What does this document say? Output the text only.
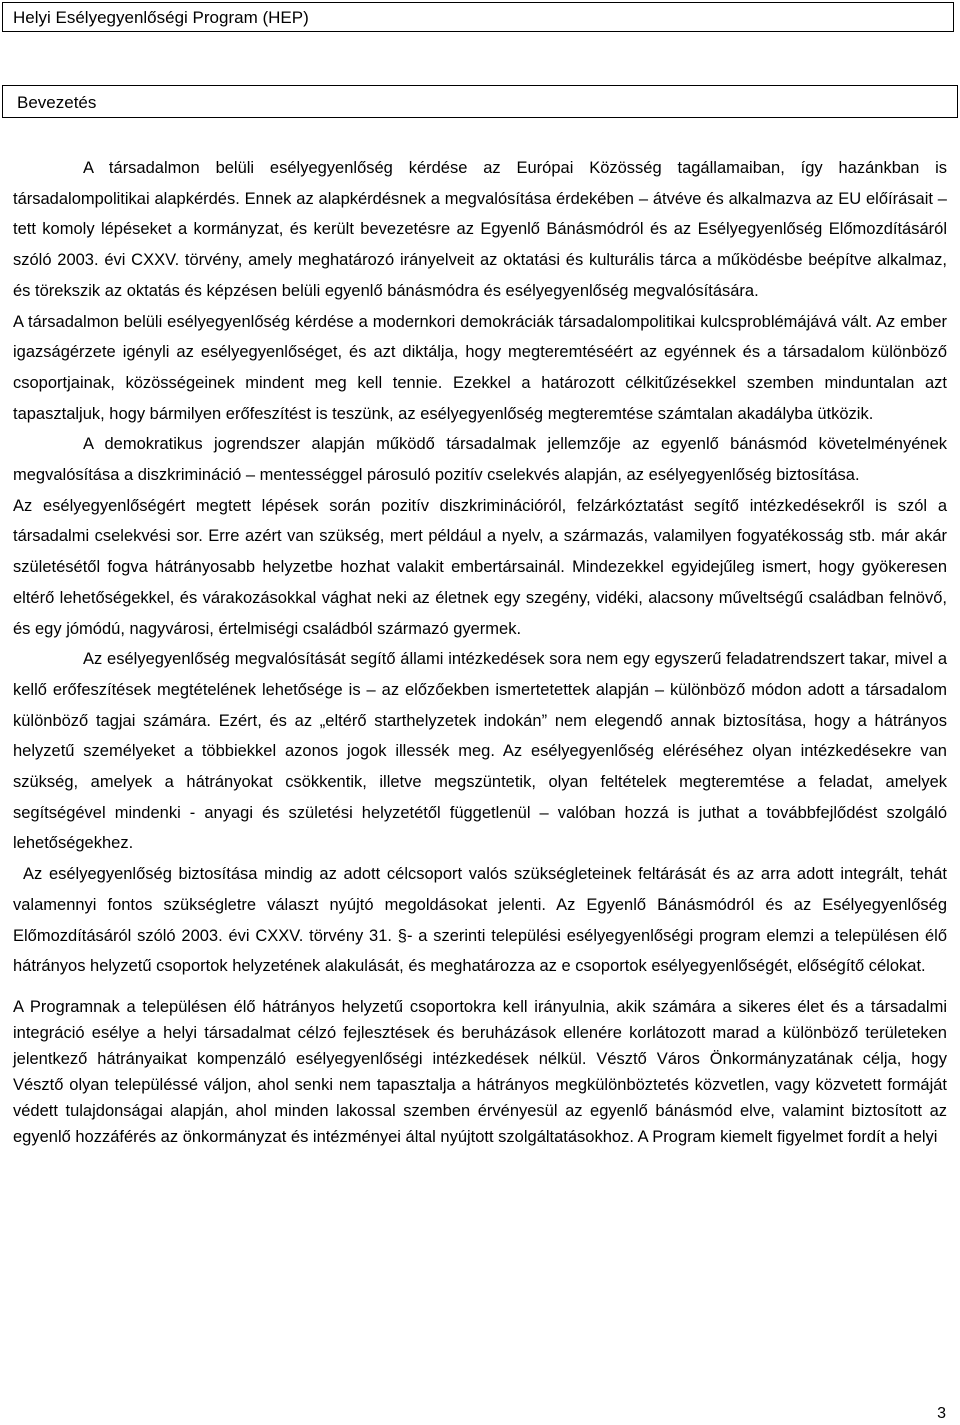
Helyi Esélyegyenlőségi Program (HEP)
Bevezetés

A társadalmon belüli esélyegyenlőség kérdése az Európai Közösség tagállamaiban, így hazánkban is társadalompolitikai alapkérdés. Ennek az alapkérdésnek a megvalósítása érdekében – átvéve és alkalmazva az EU előírásait – tett komoly lépéseket a kormányzat, és került bevezetésre az Egyenlő Bánásmódról és az Esélyegyenlőség Előmozdításáról szóló 2003. évi CXXV. törvény, amely meghatározó irányelveit az oktatási és kulturális tárca a működésbe beépítve alkalmaz, és törekszik az oktatás és képzésen belüli egyenlő bánásmódra és esélyegyenlőség megvalósítására.

A társadalmon belüli esélyegyenlőség kérdése a modernkori demokráciák társadalompolitikai kulcsproblémájává vált. Az ember igazságérzete igényli az esélyegyenlőséget, és azt diktálja, hogy megteremtéséért az egyénnek és a társadalom különböző csoportjainak, közösségeinek mindent meg kell tennie. Ezekkel a határozott célkitűzésekkel szemben minduntalan azt tapasztaljuk, hogy bármilyen erőfeszítést is teszünk, az esélyegyenlőség megteremtése számtalan akadályba ütközik.

A demokratikus jogrendszer alapján működő társadalmak jellemzője az egyenlő bánásmód követelményének megvalósítása a diszkrimináció – mentességgel párosuló pozitív cselekvés alapján, az esélyegyenlőség biztosítása.

Az esélyegyenlőségért megtett lépések során pozitív diszkriminációról, felzárkóztatást segítő intézkedésekről is szól a társadalmi cselekvési sor. Erre azért van szükség, mert például a nyelv, a származás, valamilyen fogyatékosság stb. már akár születésétől fogva hátrányosabb helyzetbe hozhat valakit embertársainál. Mindezekkel egyidejűleg ismert, hogy gyökeresen eltérő lehetőségekkel, és várakozásokkal vághat neki az életnek egy szegény, vidéki, alacsony műveltségű családban felnövő, és egy jómódú, nagyvárosi, értelmiségi családból származó gyermek.

Az esélyegyenlőség megvalósítását segítő állami intézkedések sora nem egy egyszerű feladatrendszert takar, mivel a kellő erőfeszítések megtételének lehetősége is – az előzőekben ismertetettek alapján – különböző módon adott a társadalom különböző tagjai számára. Ezért, és az „eltérő starthelyzetek indokán” nem elegendő annak biztosítása, hogy a hátrányos helyzetű személyeket a többiekkel azonos jogok illessék meg. Az esélyegyenlőség eléréséhez olyan intézkedésekre van szükség, amelyek a hátrányokat csökkentik, illetve megszüntetik, olyan feltételek megteremtése a feladat, amelyek segítségével mindenki - anyagi és születési helyzetétől függetlenül – valóban hozzá is juthat a továbbfejlődést szolgáló lehetőségekhez.

Az esélyegyenlőség biztosítása mindig az adott célcsoport valós szükségleteinek feltárását és az arra adott integrált, tehát valamennyi fontos szükségletre választ nyújtó megoldásokat jelenti. Az Egyenlő Bánásmódról és az Esélyegyenlőség Előmozdításáról szóló 2003. évi CXXV. törvény 31. §- a szerinti települési esélyegyenlőségi program elemzi a településen élő hátrányos helyzetű csoportok helyzetének alakulását, és meghatározza az e csoportok esélyegyenlőségét, előségítő célokat.

A Programnak a településen élő hátrányos helyzetű csoportokra kell irányulnia, akik számára a sikeres élet és a társadalmi integráció esélye a helyi társadalmat célzó fejlesztések és beruházások ellenére korlátozott marad a különböző területeken jelentkező hátrányaikat kompenzáló esélyegyenlőségi intézkedések nélkül. Vésztő Város Önkormányzatának célja, hogy Vésztő olyan településsé váljon, ahol senki nem tapasztalja a hátrányos megkülönböztetés közvetlen, vagy közvetett formáját védett tulajdonságai alapján, ahol minden lakossal szemben érvényesül az egyenlő bánásmód elve, valamint biztosított az egyenlő hozzáférés az önkormányzat és intézményei által nyújtott szolgáltatásokhoz. A Program kiemelt figyelmet fordít a helyi

3
